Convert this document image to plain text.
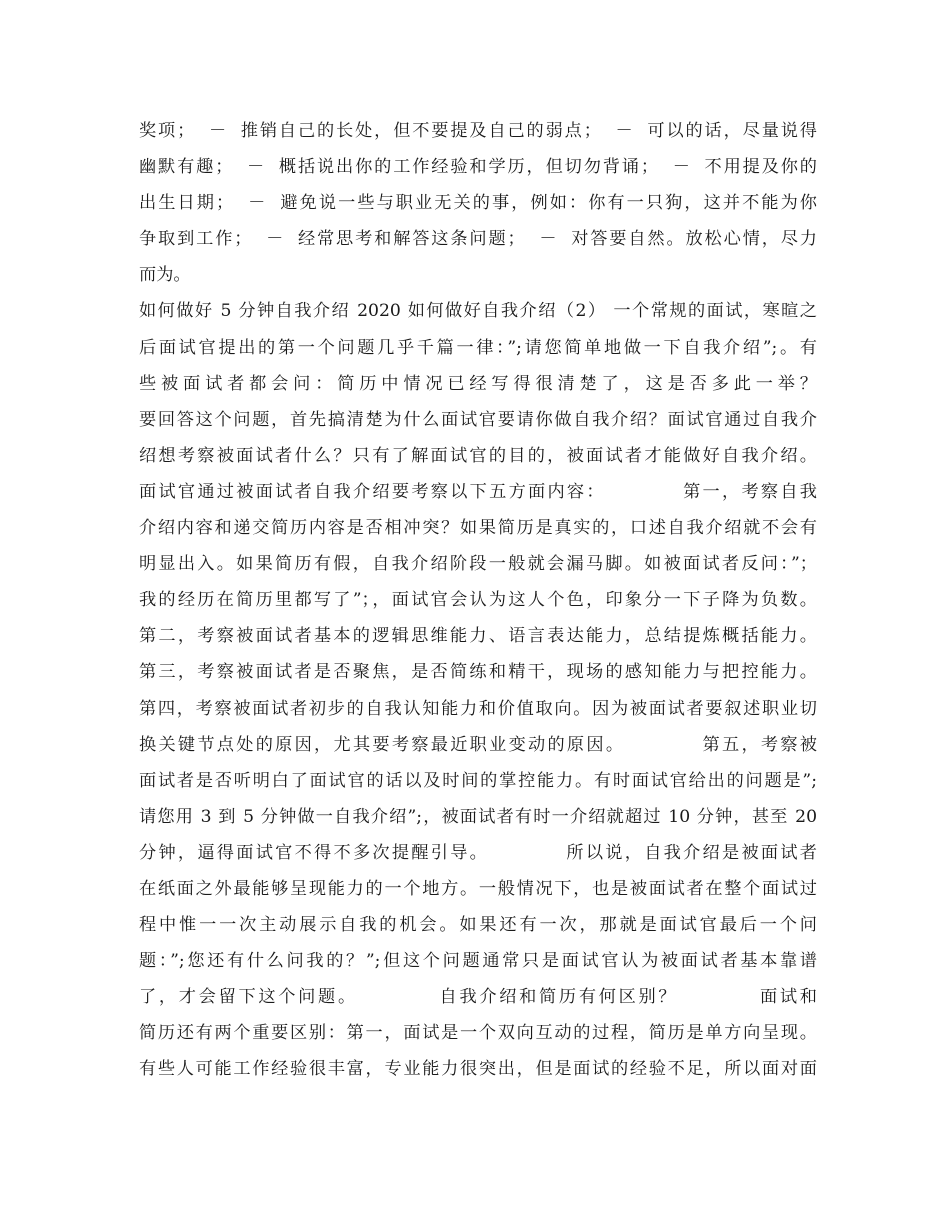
奖项；  －  推销自己的长处，但不要提及自己的弱点；  －  可以的话，尽量说得
幽默有趣；  －  概括说出你的工作经验和学历，但切勿背诵；  －  不用提及你的
出生日期；  －  避免说一些与职业无关的事，例如：你有一只狗，这并不能为你
争取到工作；  －  经常思考和解答这条问题；  －  对答要自然。放松心情，尽力
而为。
如何做好 5 分钟自我介绍 2020 如何做好自我介绍（2） 一个常规的面试，寒暄之
后面试官提出的第一个问题几乎千篇一律：”;请您简单地做一下自我介绍”;。有
些被面试者都会问：简历中情况已经写得很清楚了，这是否多此一举？
要回答这个问题，首先搞清楚为什么面试官要请你做自我介绍？面试官通过自我介
绍想考察被面试者什么？只有了解面试官的目的，被面试者才能做好自我介绍。
面试官通过被面试者自我介绍要考察以下五方面内容：          第一，考察自我
介绍内容和递交简历内容是否相冲突？如果简历是真实的，口述自我介绍就不会有
明显出入。如果简历有假，自我介绍阶段一般就会漏马脚。如被面试者反问：”；
我的经历在简历里都写了”；，面试官会认为这人个色，印象分一下子降为负数。
第二，考察被面试者基本的逻辑思维能力、语言表达能力，总结提炼概括能力。
第三，考察被面试者是否聚焦，是否简练和精干，现场的感知能力与把控能力。
第四，考察被面试者初步的自我认知能力和价值取向。因为被面试者要叙述职业切
换关键节点处的原因，尤其要考察最近职业变动的原因。          第五，考察被
面试者是否听明白了面试官的话以及时间的掌控能力。有时面试官给出的问题是”;
请您用 3 到 5 分钟做一自我介绍”;，被面试者有时一介绍就超过 10 分钟，甚至 20
分钟，逼得面试官不得不多次提醒引导。          所以说，自我介绍是被面试者
在纸面之外最能够呈现能力的一个地方。一般情况下，也是被面试者在整个面试过
程中惟一一次主动展示自我的机会。如果还有一次，那就是面试官最后一个问
题：”;您还有什么问我的？”;但这个问题通常只是面试官认为被面试者基本靠谱
了，才会留下这个问题。          自我介绍和简历有何区别？          面试和
简历还有两个重要区别：第一，面试是一个双向互动的过程，简历是单方向呈现。
有些人可能工作经验很丰富，专业能力很突出，但是面试的经验不足，所以面对面
